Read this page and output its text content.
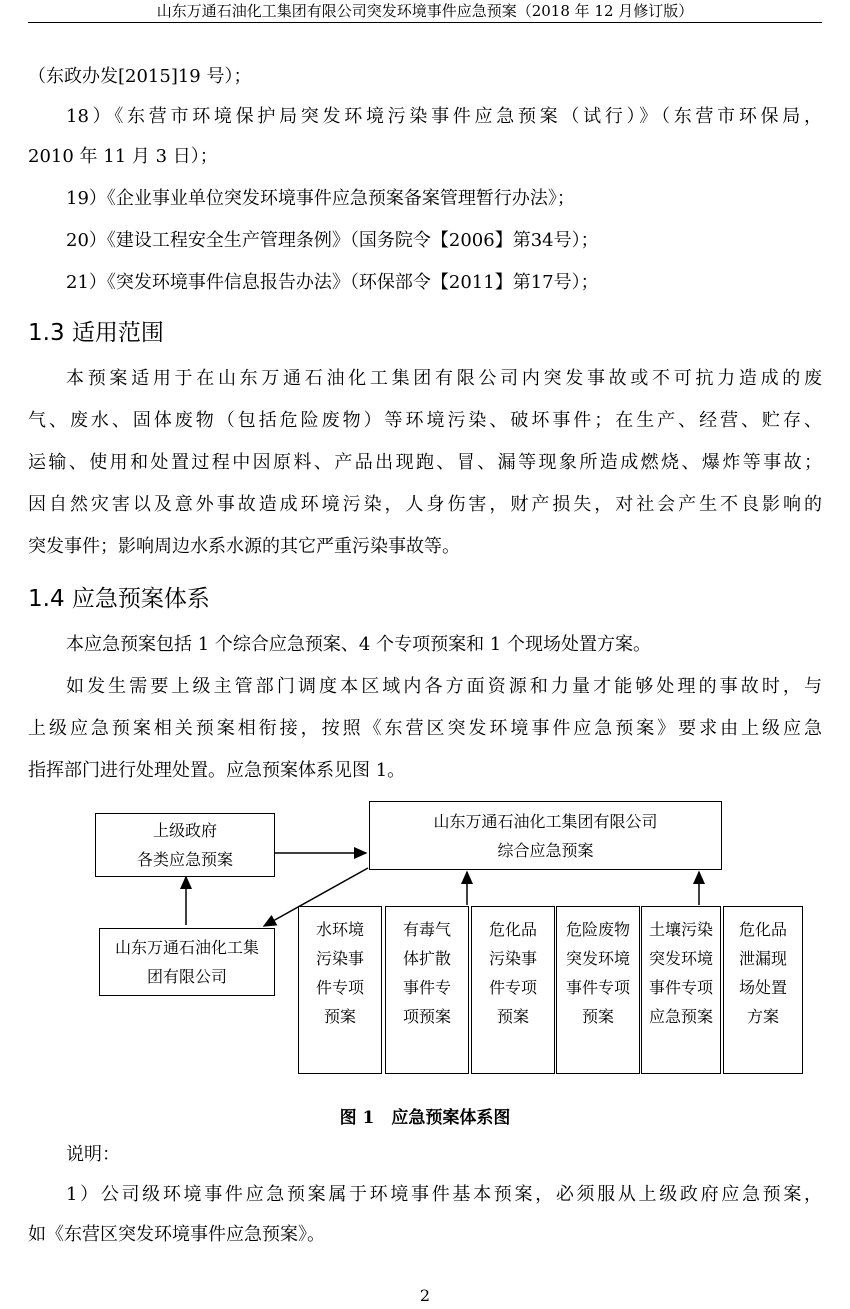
山东万通石油化工集团有限公司突发环境事件应急预案（2018 年 12 月修订版）
（东政办发[2015]19 号）；
18）《东营市环境保护局突发环境污染事件应急预案（试行）》（东营市环保局，
2010 年 11 月 3 日）；
19）《企业事业单位突发环境事件应急预案备案管理暂行办法》；
20）《建设工程安全生产管理条例》（国务院令【2006】第34号）；
21）《突发环境事件信息报告办法》（环保部令【2011】第17号）；
1.3 适用范围
本预案适用于在山东万通石油化工集团有限公司内突发事故或不可抗力造成的废
气、废水、固体废物（包括危险废物）等环境污染、破坏事件；在生产、经营、贮存、
运输、使用和处置过程中因原料、产品出现跑、冒、漏等现象所造成燃烧、爆炸等事故；
因自然灾害以及意外事故造成环境污染，人身伤害，财产损失，对社会产生不良影响的
突发事件；影响周边水系水源的其它严重污染事故等。
1.4 应急预案体系
本应急预案包括 1 个综合应急预案、4 个专项预案和 1 个现场处置方案。
如发生需要上级主管部门调度本区域内各方面资源和力量才能够处理的事故时，与
上级应急预案相关预案相衔接，按照《东营区突发环境事件应急预案》要求由上级应急
指挥部门进行处理处置。应急预案体系见图 1。
上级政府
各类应急预案
山东万通石油化工集团有限公司
综合应急预案
山东万通石油化工集
团有限公司
水环境
污染事
件专项
预案
有毒气
体扩散
事件专
项预案
危化品
污染事
件专项
预案
危险废物
突发环境
事件专项
预案
土壤污染
突发环境
事件专项
应急预案
危化品
泄漏现
场处置
方案
图 1　应急预案体系图
说明：
1）公司级环境事件应急预案属于环境事件基本预案，必须服从上级政府应急预案，
如《东营区突发环境事件应急预案》。
2
